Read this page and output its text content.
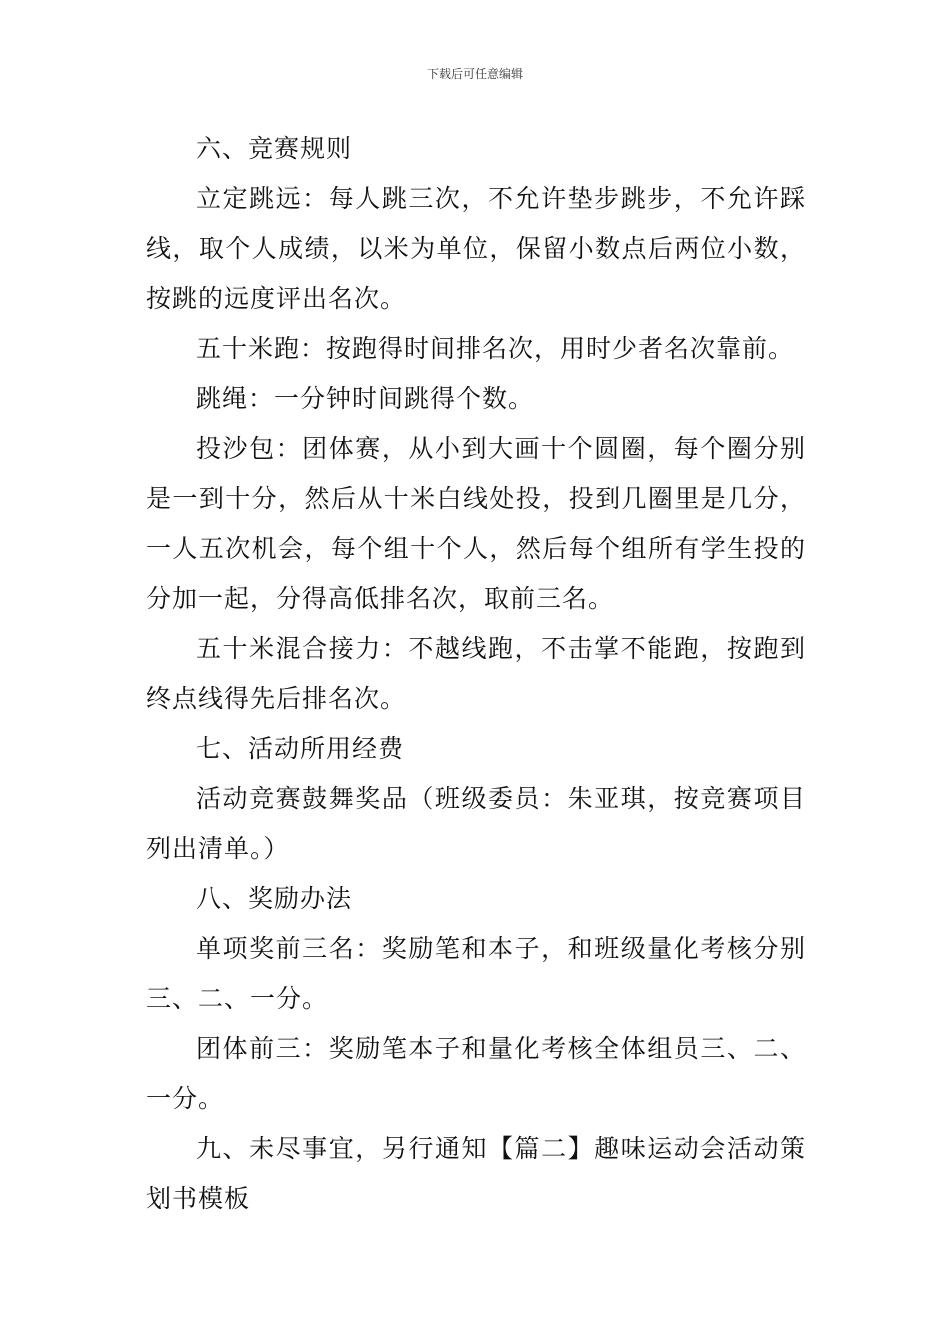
下载后可任意编辑

六、竞赛规则

立定跳远：每人跳三次，不允许垫步跳步，不允许踩线，取个人成绩，以米为单位，保留小数点后两位小数，按跳的远度评出名次。

五十米跑：按跑得时间排名次，用时少者名次靠前。

跳绳：一分钟时间跳得个数。

投沙包：团体赛，从小到大画十个圆圈，每个圈分别是一到十分，然后从十米白线处投，投到几圈里是几分，一人五次机会，每个组十个人，然后每个组所有学生投的分加一起，分得高低排名次，取前三名。

五十米混合接力：不越线跑，不击掌不能跑，按跑到终点线得先后排名次。

七、活动所用经费

活动竞赛鼓舞奖品（班级委员：朱亚琪，按竞赛项目列出清单。）

八、奖励办法

单项奖前三名：奖励笔和本子，和班级量化考核分别三、二、一分。

团体前三：奖励笔本子和量化考核全体组员三、二、一分。

九、未尽事宜，另行通知【篇二】趣味运动会活动策划书模板
